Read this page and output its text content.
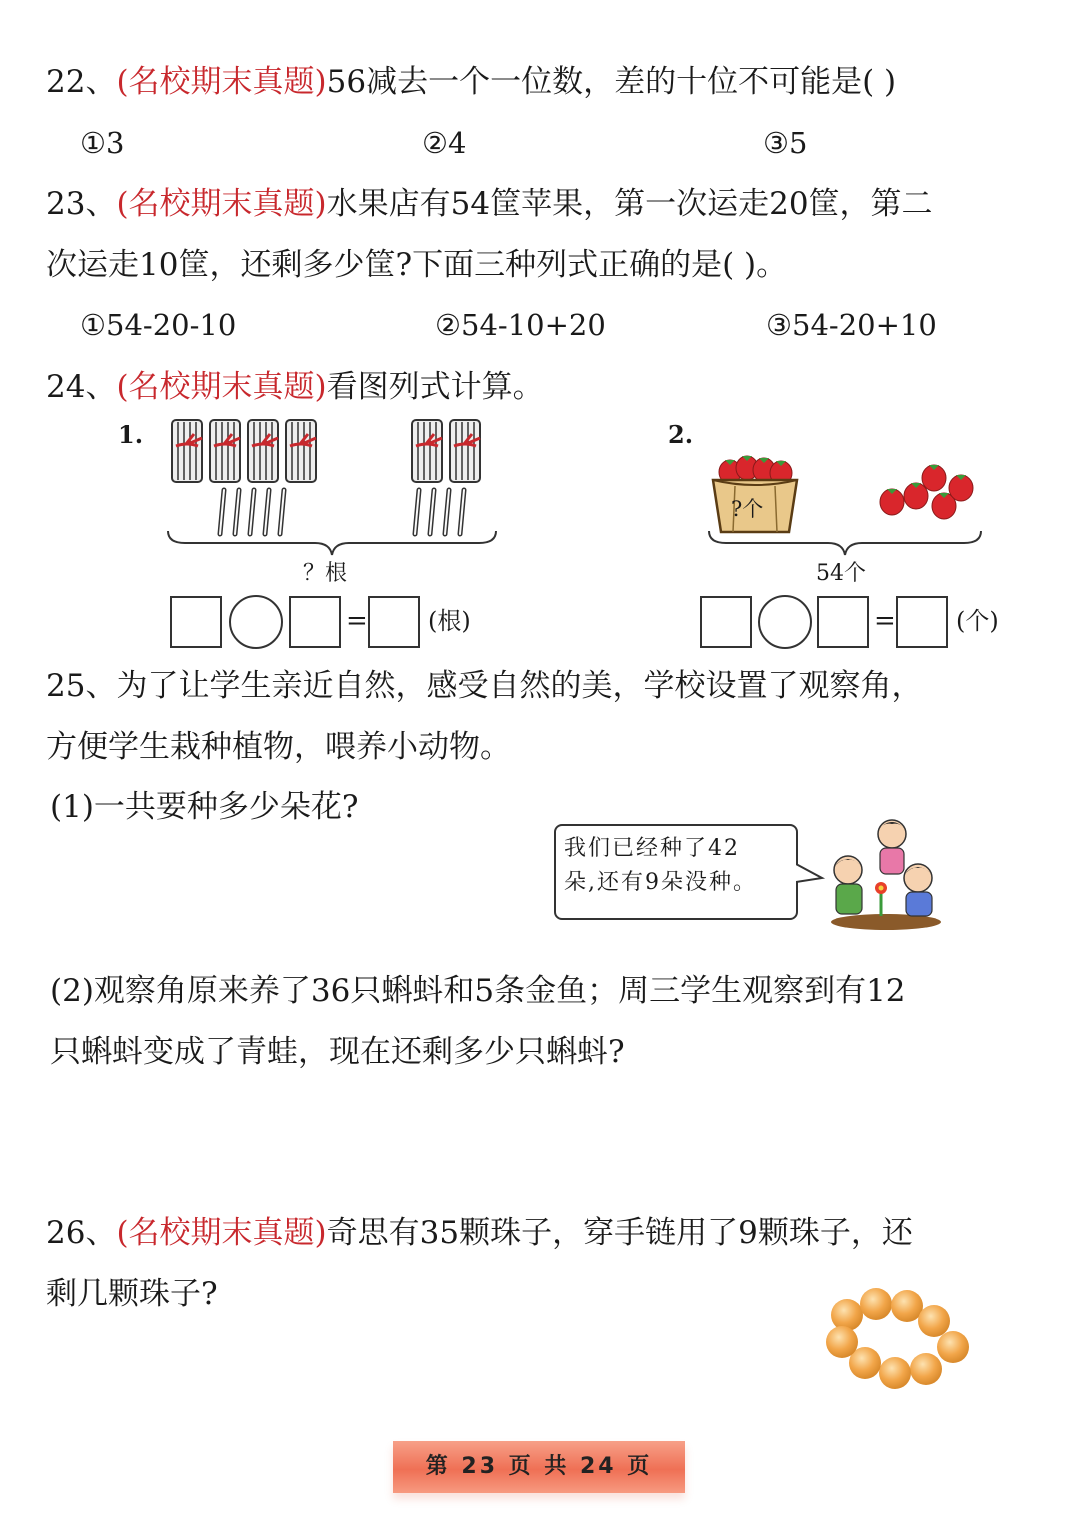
22、(名校期末真题)56减去一个一位数，差的十位不可能是( )
①3	②4	③5
23、(名校期末真题)水果店有54筐苹果，第一次运走20筐，第二
次运走10筐，还剩多少筐?下面三种列式正确的是( )。
①54-20-10	②54-10+20	③54-20+10
24、(名校期末真题)看图列式计算。
1.
？根
=	(根)
2.
?个
54个
=	(个)
25、为了让学生亲近自然，感受自然的美，学校设置了观察角，
方便学生栽种植物，喂养小动物。
(1)一共要种多少朵花?
我们已经种了42
朵,还有9朵没种。
(2)观察角原来养了36只蝌蚪和5条金鱼；周三学生观察到有12
只蝌蚪变成了青蛙，现在还剩多少只蝌蚪?
26、(名校期末真题)奇思有35颗珠子，穿手链用了9颗珠子，还
剩几颗珠子?
第 23 页 共 24 页
